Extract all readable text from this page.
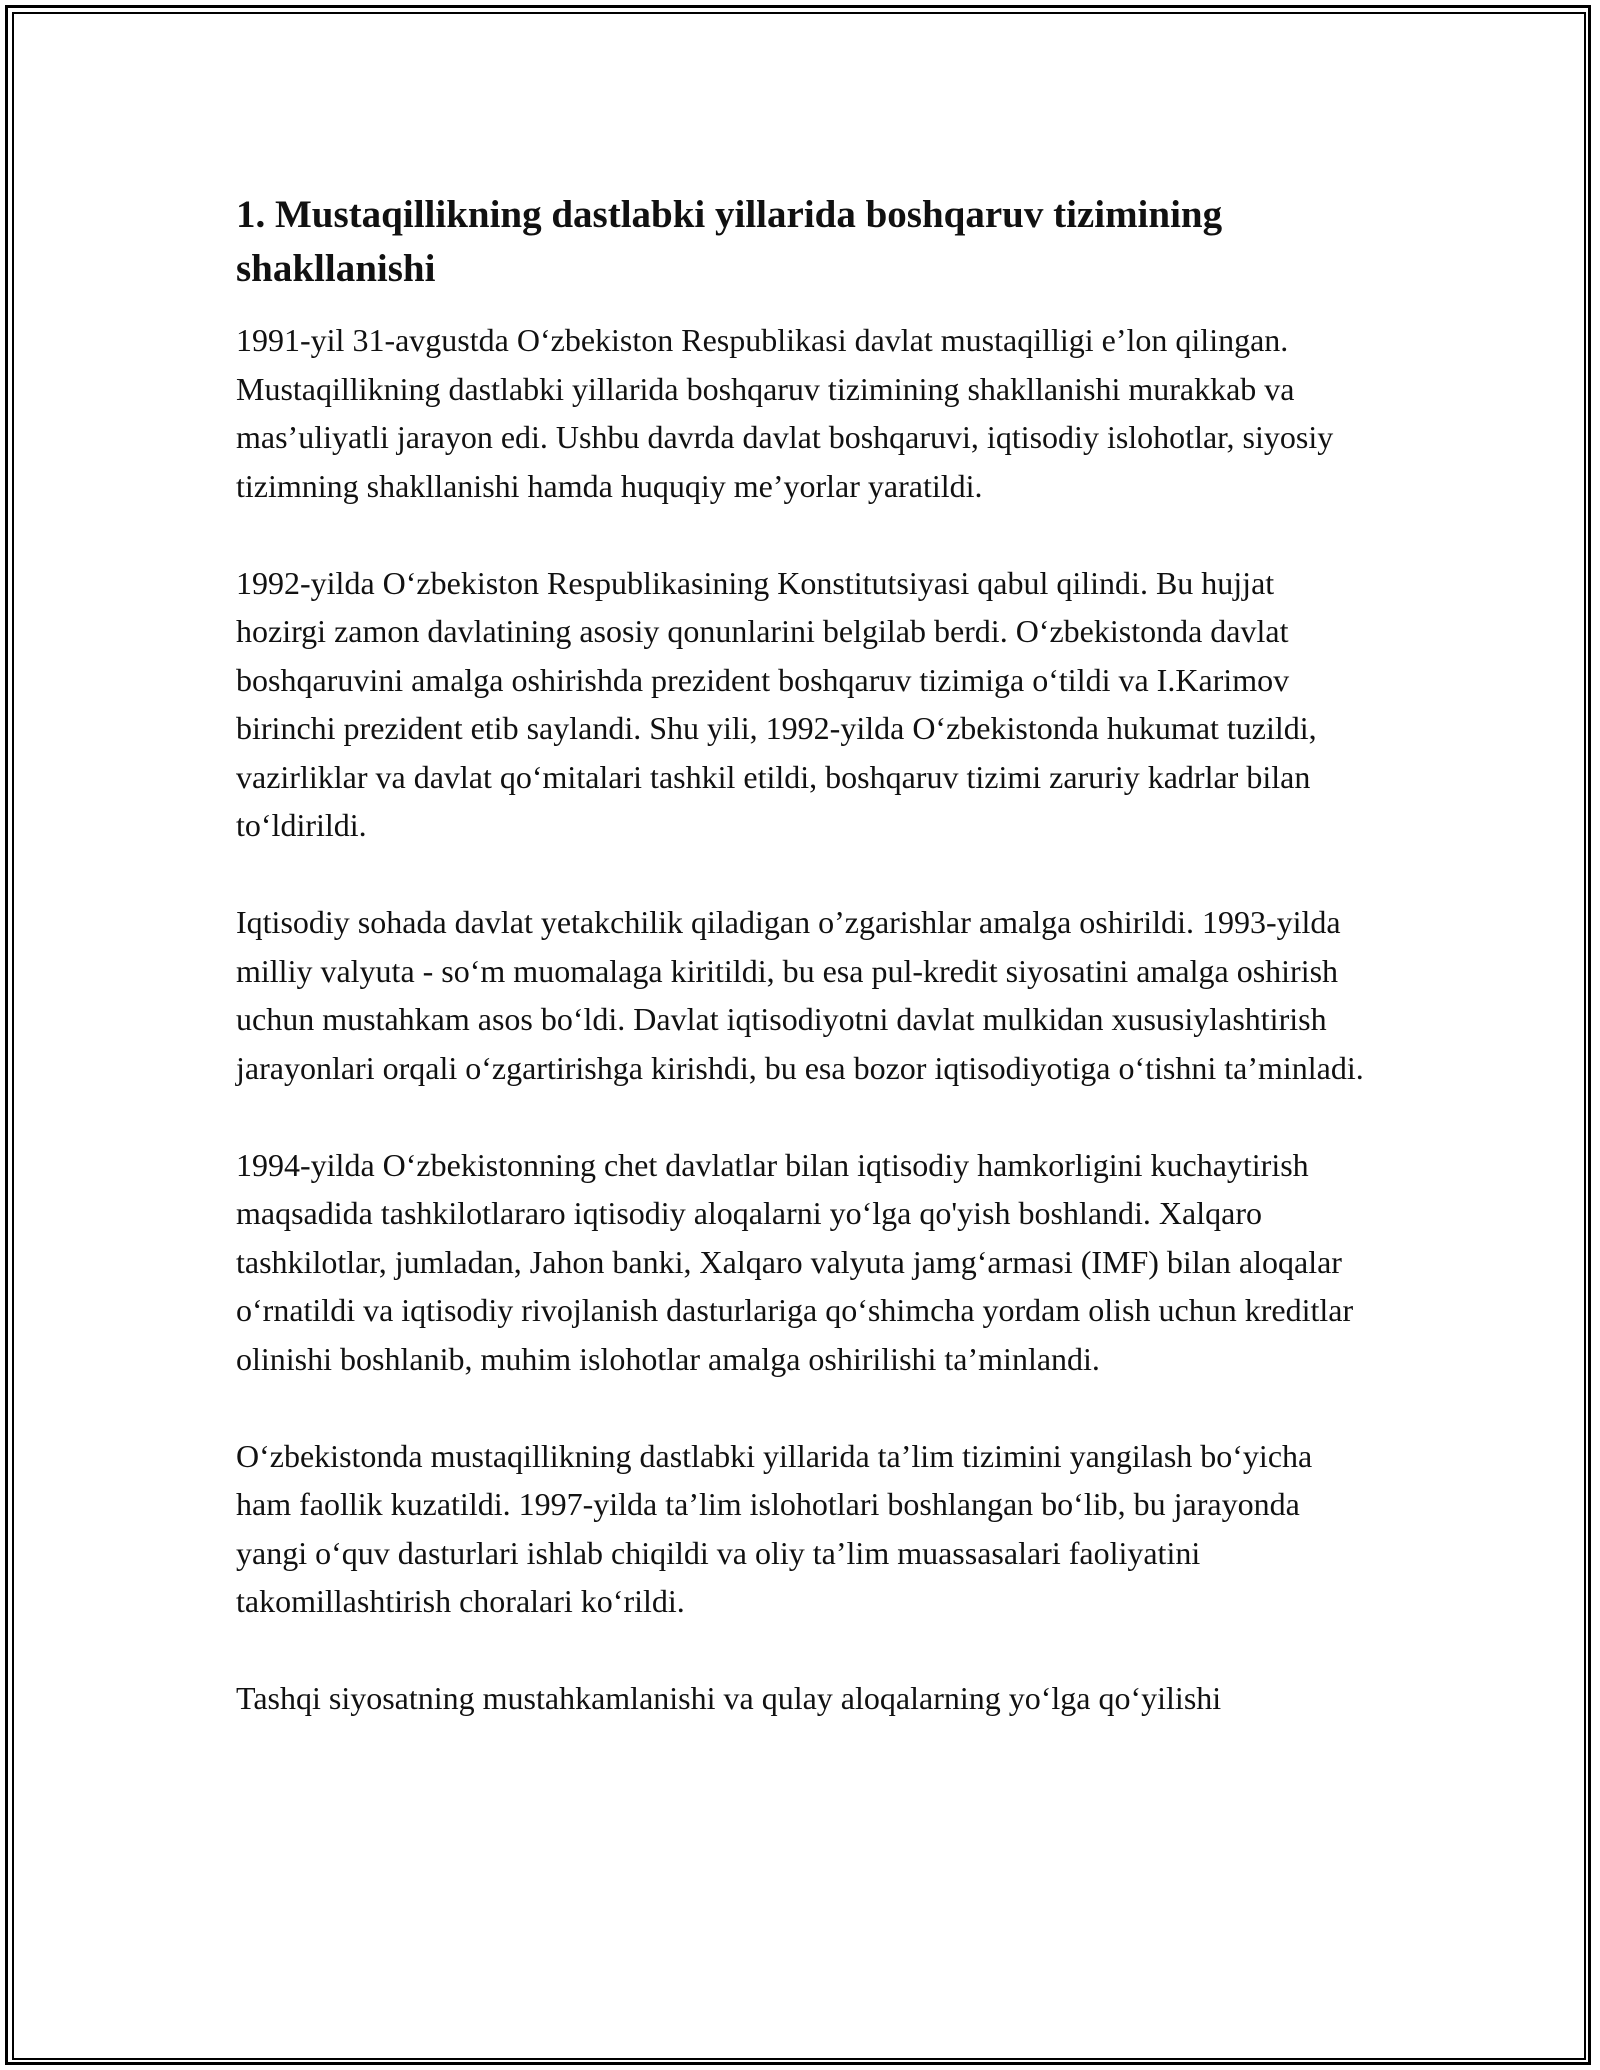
1. Mustaqillikning dastlabki yillarida boshqaruv tizimining shakllanishi

1991-yil 31-avgustda O‘zbekiston Respublikasi davlat mustaqilligi e’lon qilingan. Mustaqillikning dastlabki yillarida boshqaruv tizimining shakllanishi murakkab va mas’uliyatli jarayon edi. Ushbu davrda davlat boshqaruvi, iqtisodiy islohotlar, siyosiy tizimning shakllanishi hamda huquqiy me’yorlar yaratildi.

1992-yilda O‘zbekiston Respublikasining Konstitutsiyasi qabul qilindi. Bu hujjat hozirgi zamon davlatining asosiy qonunlarini belgilab berdi. O‘zbekistonda davlat boshqaruvini amalga oshirishda prezident boshqaruv tizimiga o‘tildi va I.Karimov birinchi prezident etib saylandi. Shu yili, 1992-yilda O‘zbekistonda hukumat tuzildi, vazirliklar va davlat qo‘mitalari tashkil etildi, boshqaruv tizimi zaruriy kadrlar bilan to‘ldirildi.

Iqtisodiy sohada davlat yetakchilik qiladigan o’zgarishlar amalga oshirildi. 1993-yilda milliy valyuta - so‘m muomalaga kiritildi, bu esa pul-kredit siyosatini amalga oshirish uchun mustahkam asos bo‘ldi. Davlat iqtisodiyotni davlat mulkidan xususiylashtirish jarayonlari orqali o‘zgartirishga kirishdi, bu esa bozor iqtisodiyotiga o‘tishni ta’minladi.

1994-yilda O‘zbekistonning chet davlatlar bilan iqtisodiy hamkorligini kuchaytirish maqsadida tashkilotlararo iqtisodiy aloqalarni yo‘lga qo'yish boshlandi. Xalqaro tashkilotlar, jumladan, Jahon banki, Xalqaro valyuta jamg‘armasi (IMF) bilan aloqalar o‘rnatildi va iqtisodiy rivojlanish dasturlariga qo‘shimcha yordam olish uchun kreditlar olinishi boshlanib, muhim islohotlar amalga oshirilishi ta’minlandi.

O‘zbekistonda mustaqillikning dastlabki yillarida ta’lim tizimini yangilash bo‘yicha ham faollik kuzatildi. 1997-yilda ta’lim islohotlari boshlangan bo‘lib, bu jarayonda yangi o‘quv dasturlari ishlab chiqildi va oliy ta’lim muassasalari faoliyatini takomillashtirish choralari ko‘rildi.

Tashqi siyosatning mustahkamlanishi va qulay aloqalarning yo‘lga qo‘yilishi
